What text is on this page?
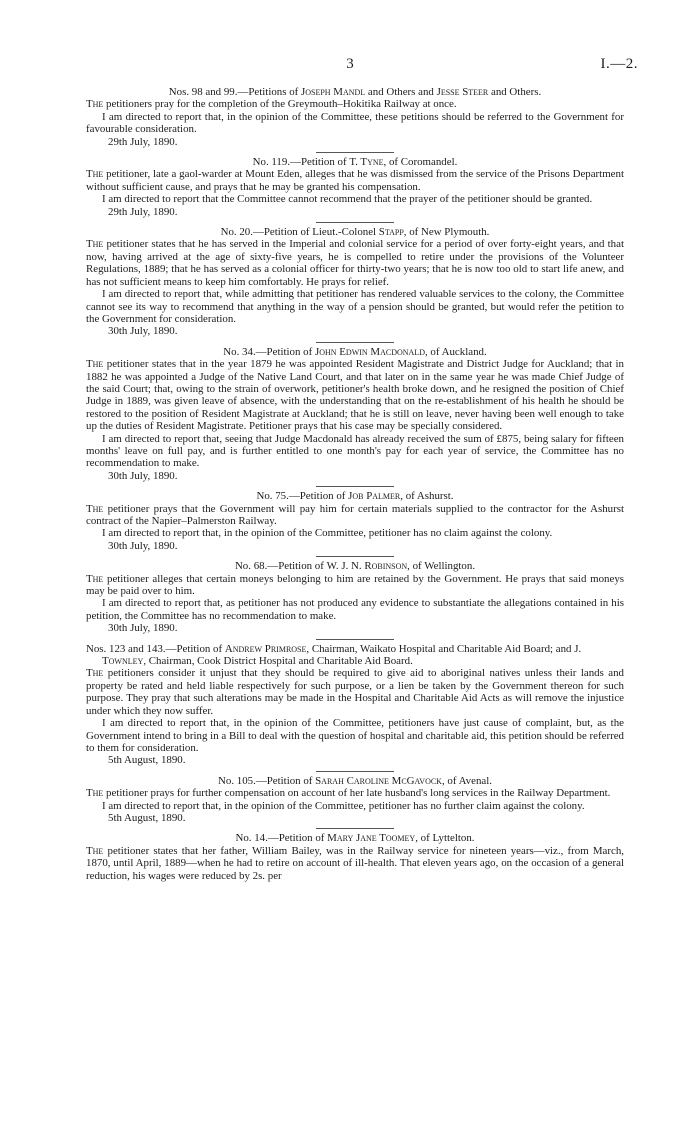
3	I.—2.

Nos. 98 and 99.—Petitions of Joseph Mandl and Others and Jesse Steer and Others.

The petitioners pray for the completion of the Greymouth–Hokitika Railway at once.

I am directed to report that, in the opinion of the Committee, these petitions should be referred to the Government for favourable consideration.

29th July, 1890.

No. 119.—Petition of T. Tyne, of Coromandel.

The petitioner, late a gaol-warder at Mount Eden, alleges that he was dismissed from the service of the Prisons Department without sufficient cause, and prays that he may be granted his compensation.

I am directed to report that the Committee cannot recommend that the prayer of the petitioner should be granted.

29th July, 1890.

No. 20.—Petition of Lieut.-Colonel Stapp, of New Plymouth.

The petitioner states that he has served in the Imperial and colonial service for a period of over forty-eight years, and that now, having arrived at the age of sixty-five years, he is compelled to retire under the provisions of the Volunteer Regulations, 1889; that he has served as a colonial officer for thirty-two years; that he is now too old to start life anew, and has not sufficient means to keep him comfortably. He prays for relief.

I am directed to report that, while admitting that petitioner has rendered valuable services to the colony, the Committee cannot see its way to recommend that anything in the way of a pension should be granted, but would refer the petition to the Government for consideration.

30th July, 1890.

No. 34.—Petition of John Edwin Macdonald, of Auckland.

The petitioner states that in the year 1879 he was appointed Resident Magistrate and District Judge for Auckland; that in 1882 he was appointed a Judge of the Native Land Court, and that later on in the same year he was made Chief Judge of the said Court; that, owing to the strain of overwork, petitioner's health broke down, and he resigned the position of Chief Judge in 1889, was given leave of absence, with the understanding that on the re-establishment of his health he should be restored to the position of Resident Magistrate at Auckland; that he is still on leave, never having been well enough to take up the duties of Resident Magistrate. Petitioner prays that his case may be specially considered.

I am directed to report that, seeing that Judge Macdonald has already received the sum of £875, being salary for fifteen months' leave on full pay, and is further entitled to one month's pay for each year of service, the Committee has no recommendation to make.

30th July, 1890.

No. 75.—Petition of Job Palmer, of Ashurst.

The petitioner prays that the Government will pay him for certain materials supplied to the contractor for the Ashurst contract of the Napier–Palmerston Railway.

I am directed to report that, in the opinion of the Committee, petitioner has no claim against the colony.

30th July, 1890.

No. 68.—Petition of W. J. N. Robinson, of Wellington.

The petitioner alleges that certain moneys belonging to him are retained by the Government. He prays that said moneys may be paid over to him.

I am directed to report that, as petitioner has not produced any evidence to substantiate the allegations contained in his petition, the Committee has no recommendation to make.

30th July, 1890.

Nos. 123 and 143.—Petition of Andrew Primrose, Chairman, Waikato Hospital and Charitable Aid Board; and J. Townley, Chairman, Cook District Hospital and Charitable Aid Board.

The petitioners consider it unjust that they should be required to give aid to aboriginal natives unless their lands and property be rated and held liable respectively for such purpose, or a lien be taken by the Government thereon for such purpose. They pray that such alterations may be made in the Hospital and Charitable Aid Acts as will remove the injustice under which they now suffer.

I am directed to report that, in the opinion of the Committee, petitioners have just cause of complaint, but, as the Government intend to bring in a Bill to deal with the question of hospital and charitable aid, this petition should be referred to them for consideration.

5th August, 1890.

No. 105.—Petition of Sarah Caroline McGavock, of Avenal.

The petitioner prays for further compensation on account of her late husband's long services in the Railway Department.

I am directed to report that, in the opinion of the Committee, petitioner has no further claim against the colony.

5th August, 1890.

No. 14.—Petition of Mary Jane Toomey, of Lyttelton.

The petitioner states that her father, William Bailey, was in the Railway service for nineteen years—viz., from March, 1870, until April, 1889—when he had to retire on account of ill-health. That eleven years ago, on the occasion of a general reduction, his wages were reduced by 2s. per
